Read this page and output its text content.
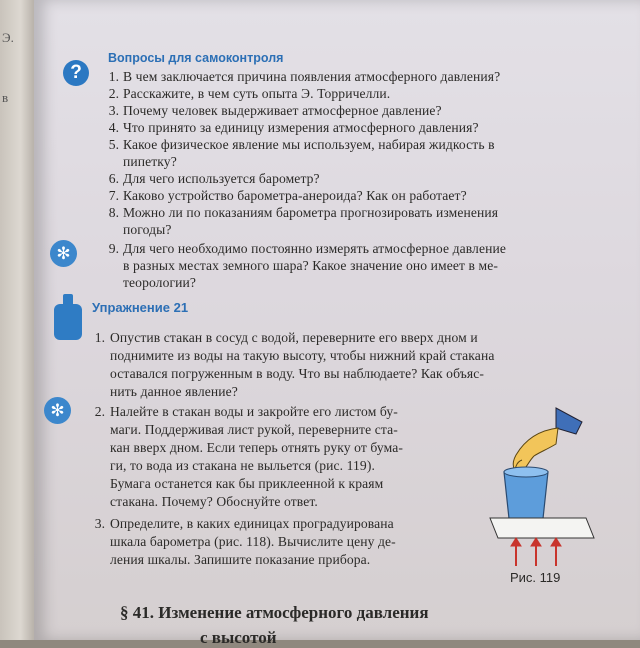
Э.
в
?
Вопросы для самоконтроля
✻
Упражнение 21
✻
1. В чем заключается причина появления атмосферного давления?
2. Расскажите, в чем суть опыта Э. Торричелли.
3. Почему человек выдерживает атмосферное давление?
4. Что принято за единицу измерения атмосферного давления?
5. Какое физическое явление мы используем, набирая жидкость в
пипетку?
6. Для чего используется барометр?
7. Каково устройство барометра-анероида? Как он работает?
8. Можно ли по показаниям барометра прогнозировать изменения
погоды?
9. Для чего необходимо постоянно измерять атмосферное давление
в разных местах земного шара? Какое значение оно имеет в ме-
теорологии?
1. Опустив стакан в сосуд с водой, переверните его вверх дном и
поднимите из воды на такую высоту, чтобы нижний край стакана
оставался погруженным в воду. Что вы наблюдаете? Как объяс-
нить данное явление?
2. Налейте в стакан воды и закройте его листом бу-
маги. Поддерживая лист рукой, переверните ста-
кан вверх дном. Если теперь отнять руку от бума-
ги, то вода из стакана не выльется (рис. 119).
Бумага останется как бы приклеенной к краям
стакана. Почему? Обоснуйте ответ.
3. Определите, в каких единицах проградуирована
шкала барометра (рис. 118). Вычислите цену де-
ления шкалы. Запишите показание прибора.
Рис. 119
§ 41. Изменение атмосферного давления
с высотой
